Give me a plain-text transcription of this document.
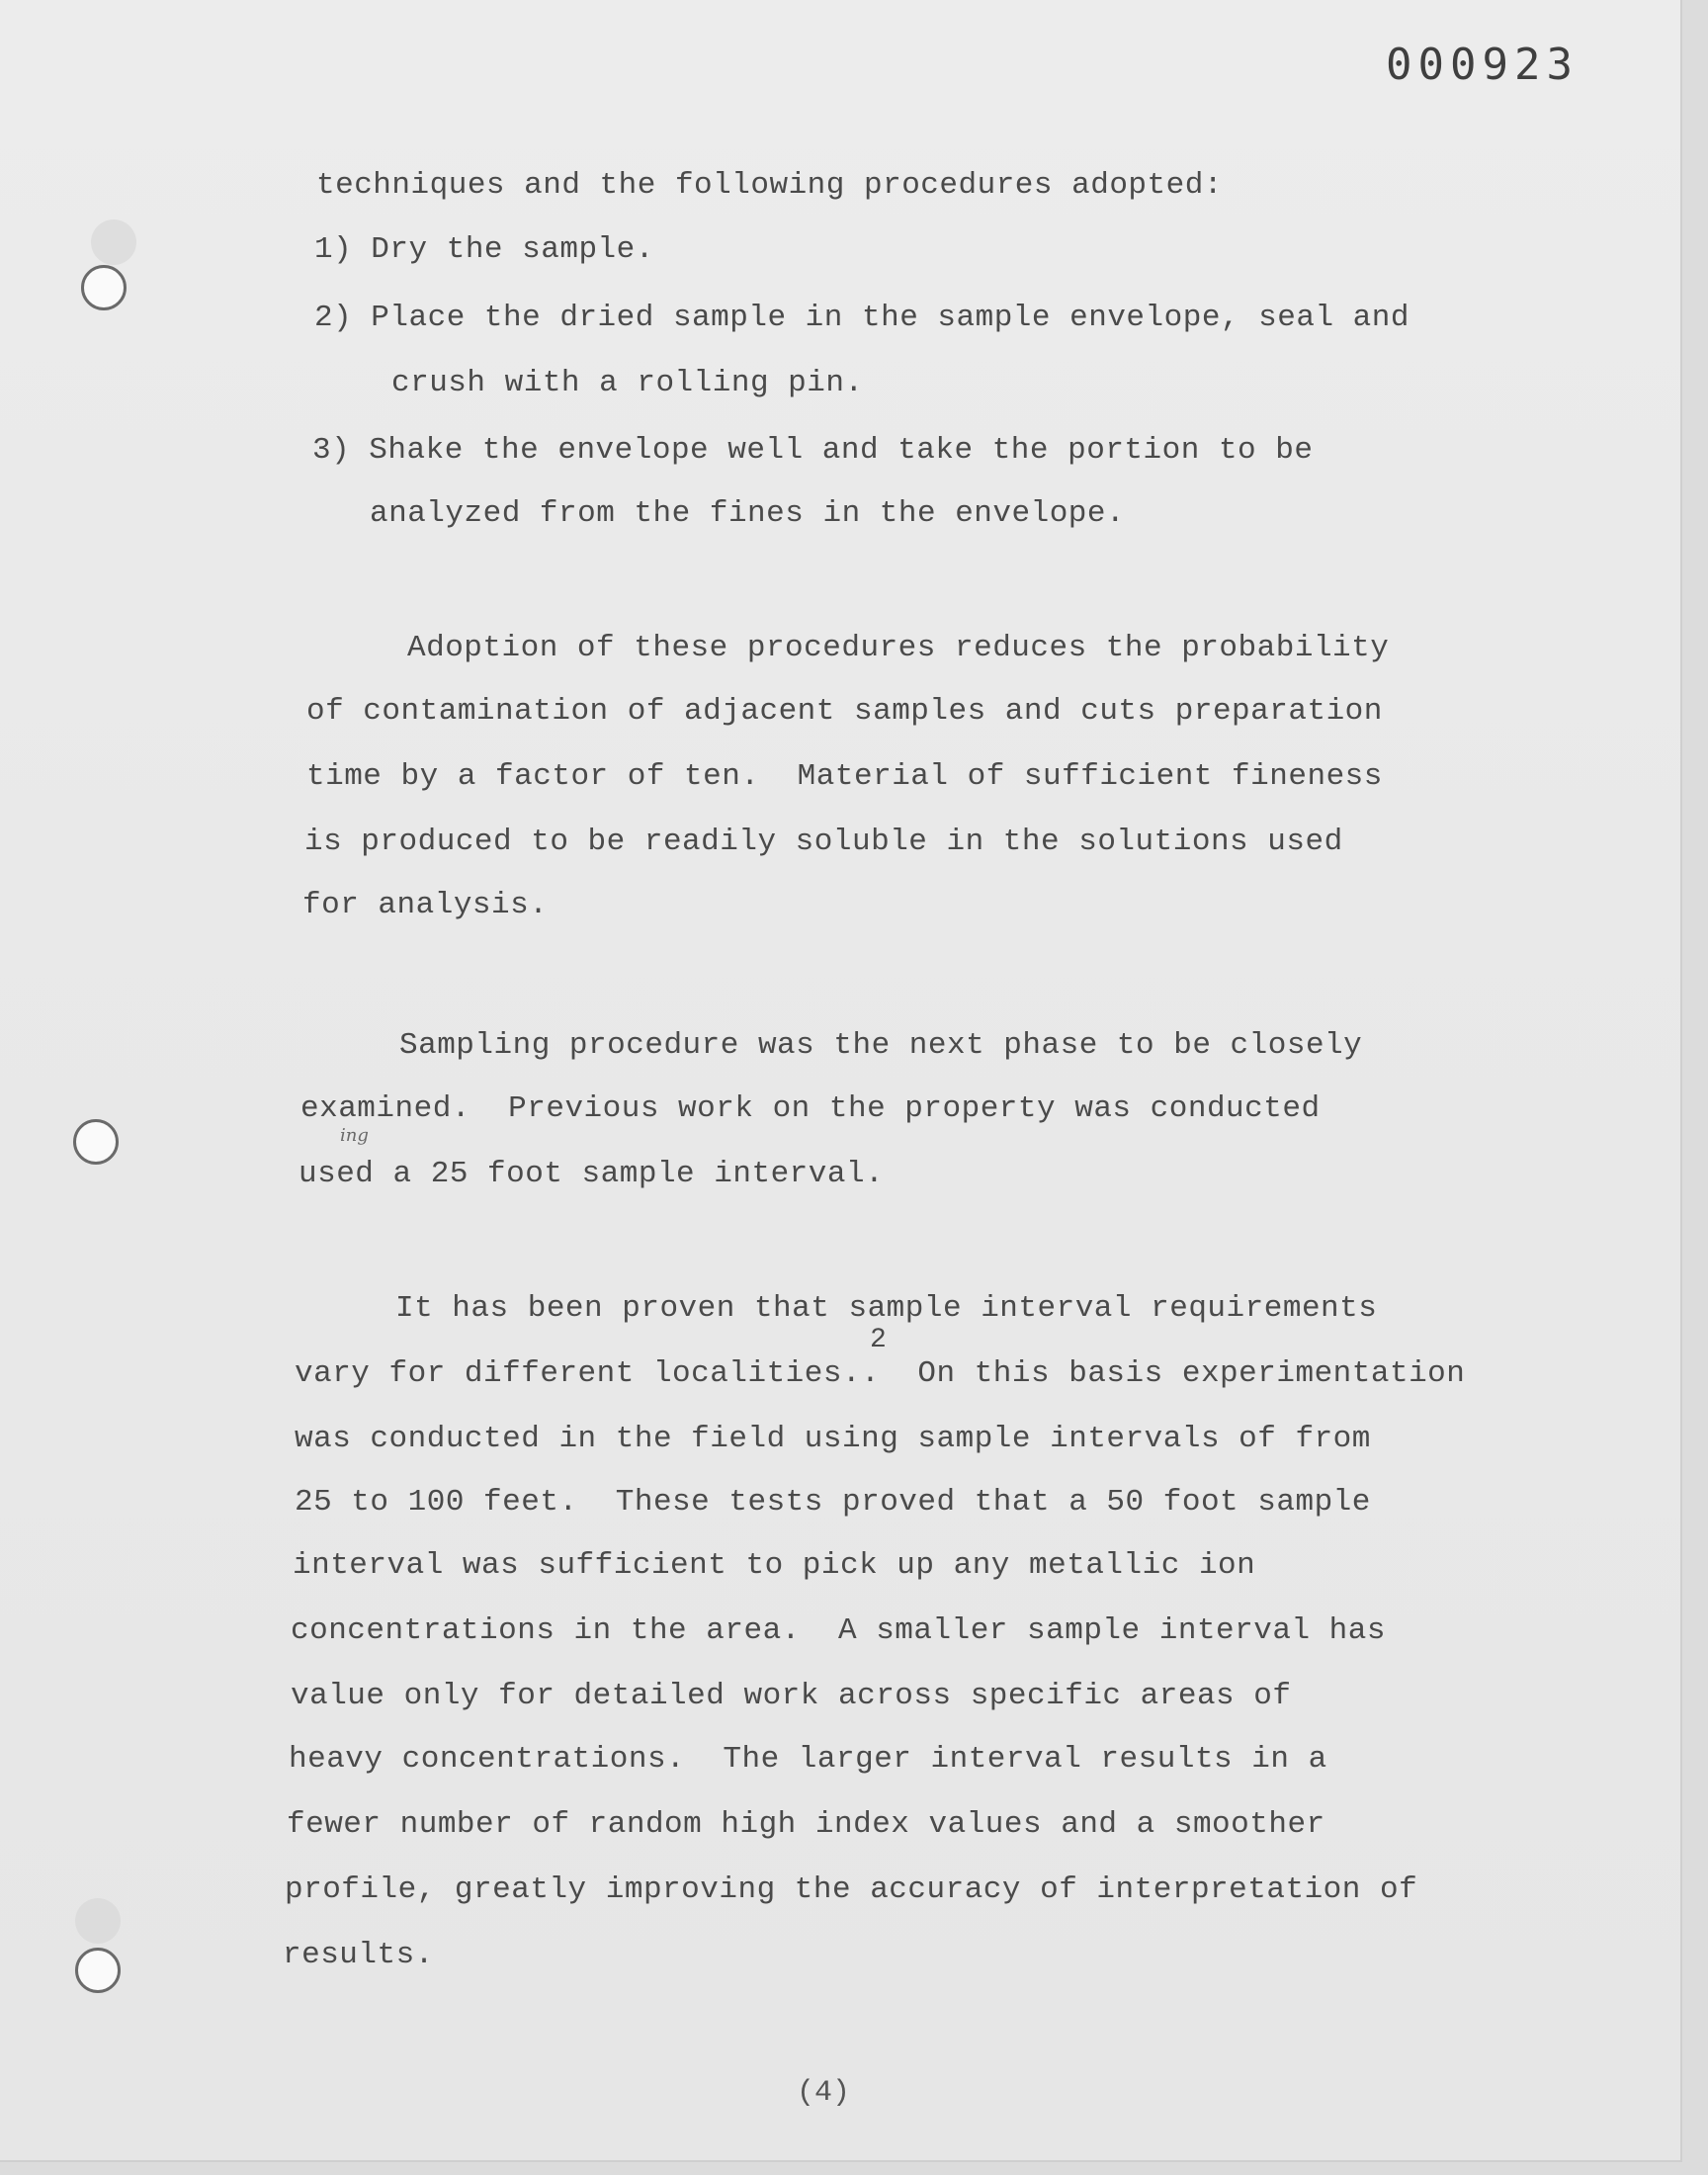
000923
techniques and the following procedures adopted:
1) Dry the sample.
2) Place the dried sample in the sample envelope, seal and
crush with a rolling pin.
3) Shake the envelope well and take the portion to be
analyzed from the fines in the envelope.
Adoption of these procedures reduces the probability
of contamination of adjacent samples and cuts preparation
time by a factor of ten.  Material of sufficient fineness
is produced to be readily soluble in the solutions used
for analysis.
Sampling procedure was the next phase to be closely
examined.  Previous work on the property was conducted
ing
used a 25 foot sample interval.
It has been proven that sample interval requirements
2
vary for different localities..  On this basis experimentation
was conducted in the field using sample intervals of from
25 to 100 feet.  These tests proved that a 50 foot sample
interval was sufficient to pick up any metallic ion
concentrations in the area.  A smaller sample interval has
value only for detailed work across specific areas of
heavy concentrations.  The larger interval results in a
fewer number of random high index values and a smoother
profile, greatly improving the accuracy of interpretation of
results.
(4)
